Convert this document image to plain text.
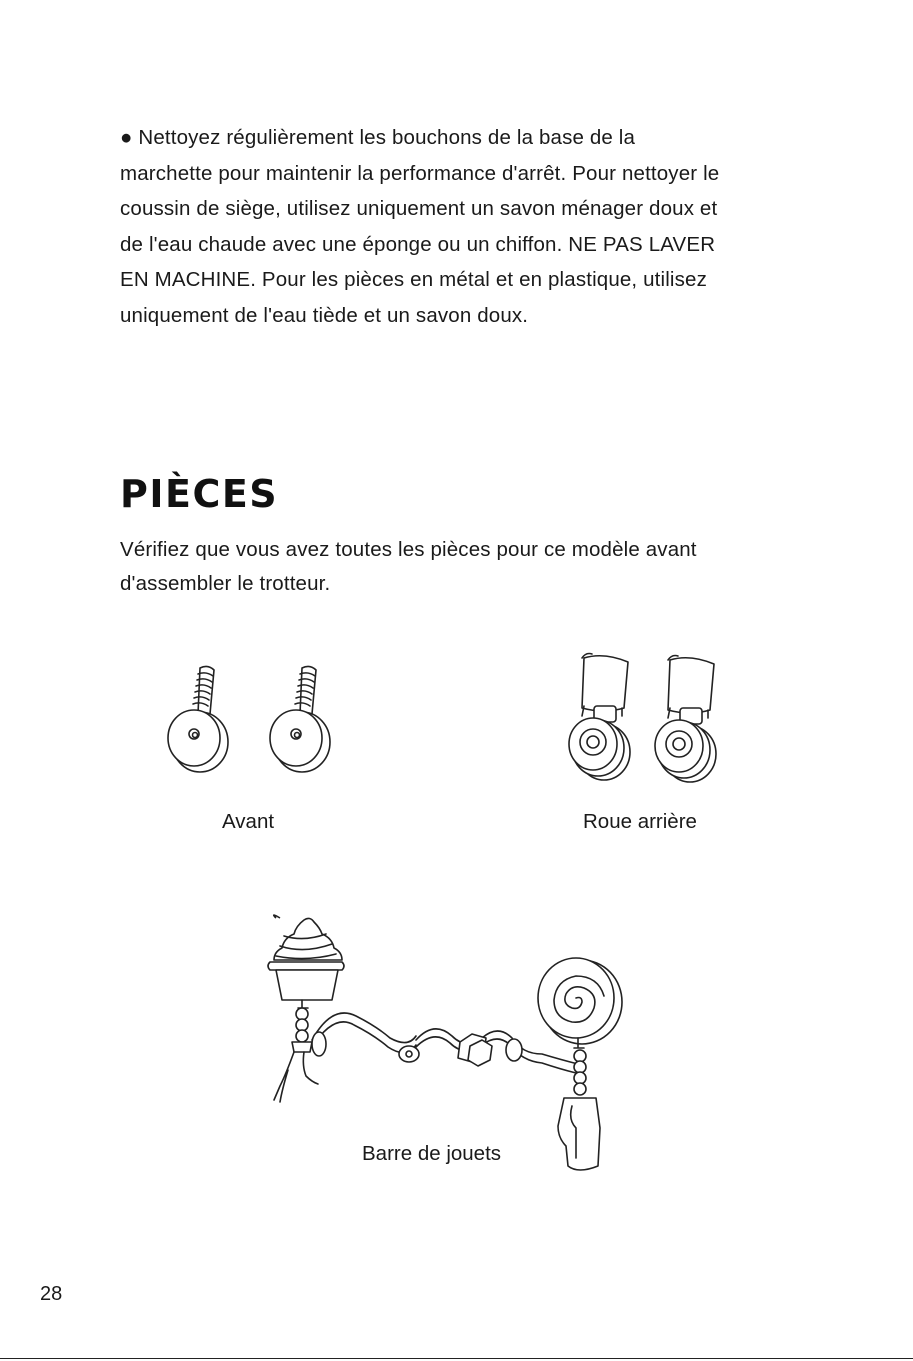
● Nettoyez régulièrement les bouchons de la base de la
marchette pour maintenir la performance d'arrêt. Pour nettoyer le
coussin de siège, utilisez uniquement un savon ménager doux et
de l'eau chaude avec une éponge ou un chiffon. NE PAS LAVER
EN MACHINE. Pour les pièces en métal et en plastique, utilisez
uniquement de l'eau tiède et un savon doux.
PIÈCES
Vérifiez que vous avez toutes les pièces pour ce modèle avant
d'assembler le trotteur.

Avant	Roue arrière

Barre de jouets

28
